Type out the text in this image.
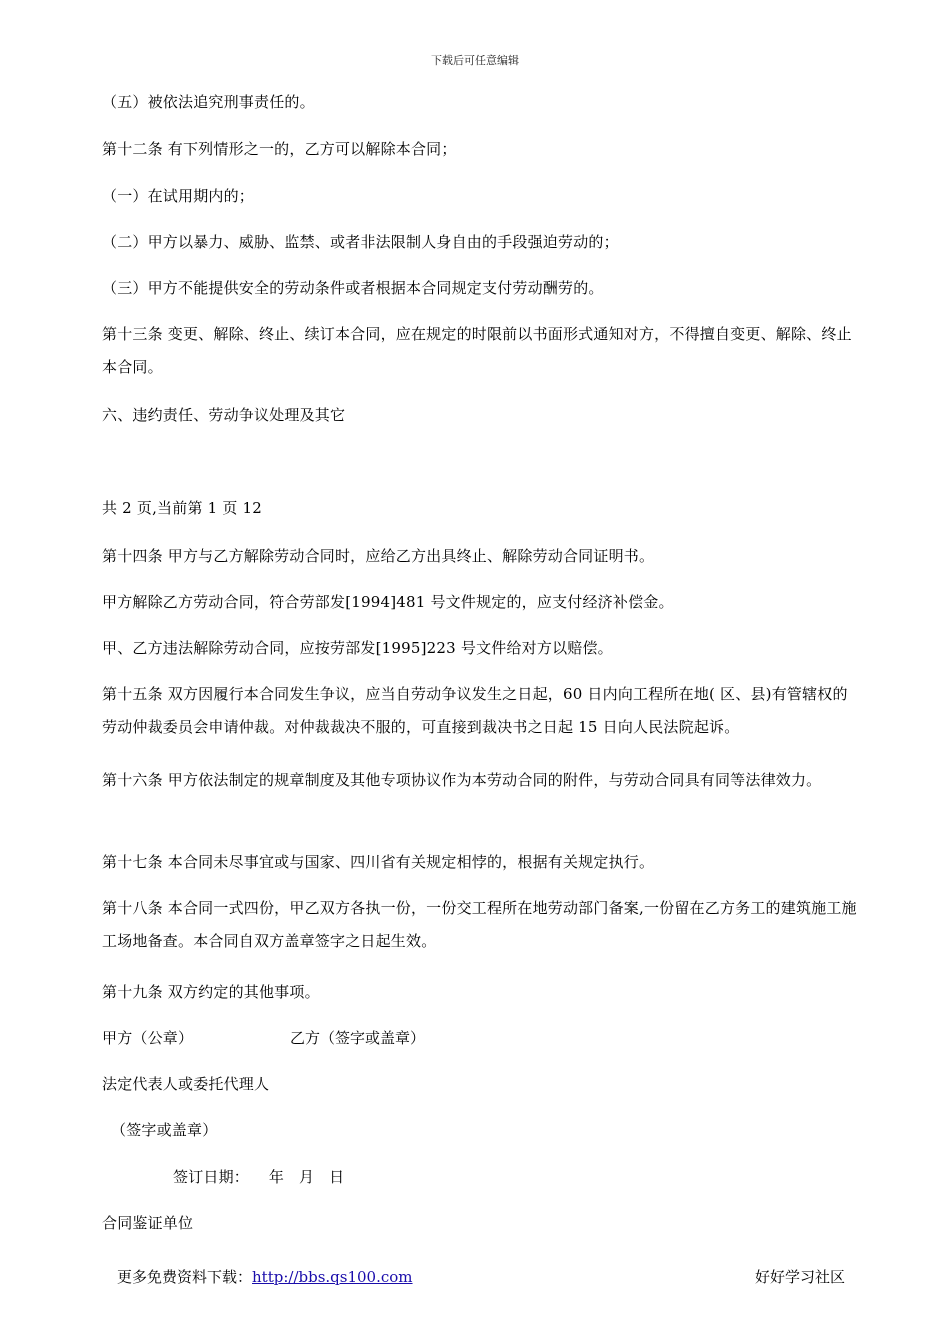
下载后可任意编辑
（五）被依法追究刑事责任的。
第十二条 有下列情形之一的，乙方可以解除本合同；
（一）在试用期内的；
（二）甲方以暴力、威胁、监禁、或者非法限制人身自由的手段强迫劳动的；
（三）甲方不能提供安全的劳动条件或者根据本合同规定支付劳动酬劳的。
第十三条 变更、解除、终止、续订本合同，应在规定的时限前以书面形式通知对方，不得擅自变更、解除、终止本合同。
六、违约责任、劳动争议处理及其它
共 2 页,当前第 1 页 12
第十四条 甲方与乙方解除劳动合同时，应给乙方出具终止、解除劳动合同证明书。
甲方解除乙方劳动合同，符合劳部发[1994]481 号文件规定的，应支付经济补偿金。
甲、乙方违法解除劳动合同，应按劳部发[1995]223 号文件给对方以赔偿。
第十五条 双方因履行本合同发生争议，应当自劳动争议发生之日起，60 日内向工程所在地( 区、县)有管辖权的劳动仲裁委员会申请仲裁。对仲裁裁决不服的，可直接到裁决书之日起 15 日向人民法院起诉。
第十六条 甲方依法制定的规章制度及其他专项协议作为本劳动合同的附件，与劳动合同具有同等法律效力。
第十七条 本合同未尽事宜或与国家、四川省有关规定相悖的，根据有关规定执行。
第十八条 本合同一式四份，甲乙双方各执一份，一份交工程所在地劳动部门备案,一份留在乙方务工的建筑施工施工场地备查。本合同自双方盖章签字之日起生效。
第十九条 双方约定的其他事项。
甲方（公章）	乙方（签字或盖章）
法定代表人或委托代理人
（签字或盖章）
签订日期：    年   月   日
合同鉴证单位
更多免费资料下载：http://bbs.qs100.com	好好学习社区
